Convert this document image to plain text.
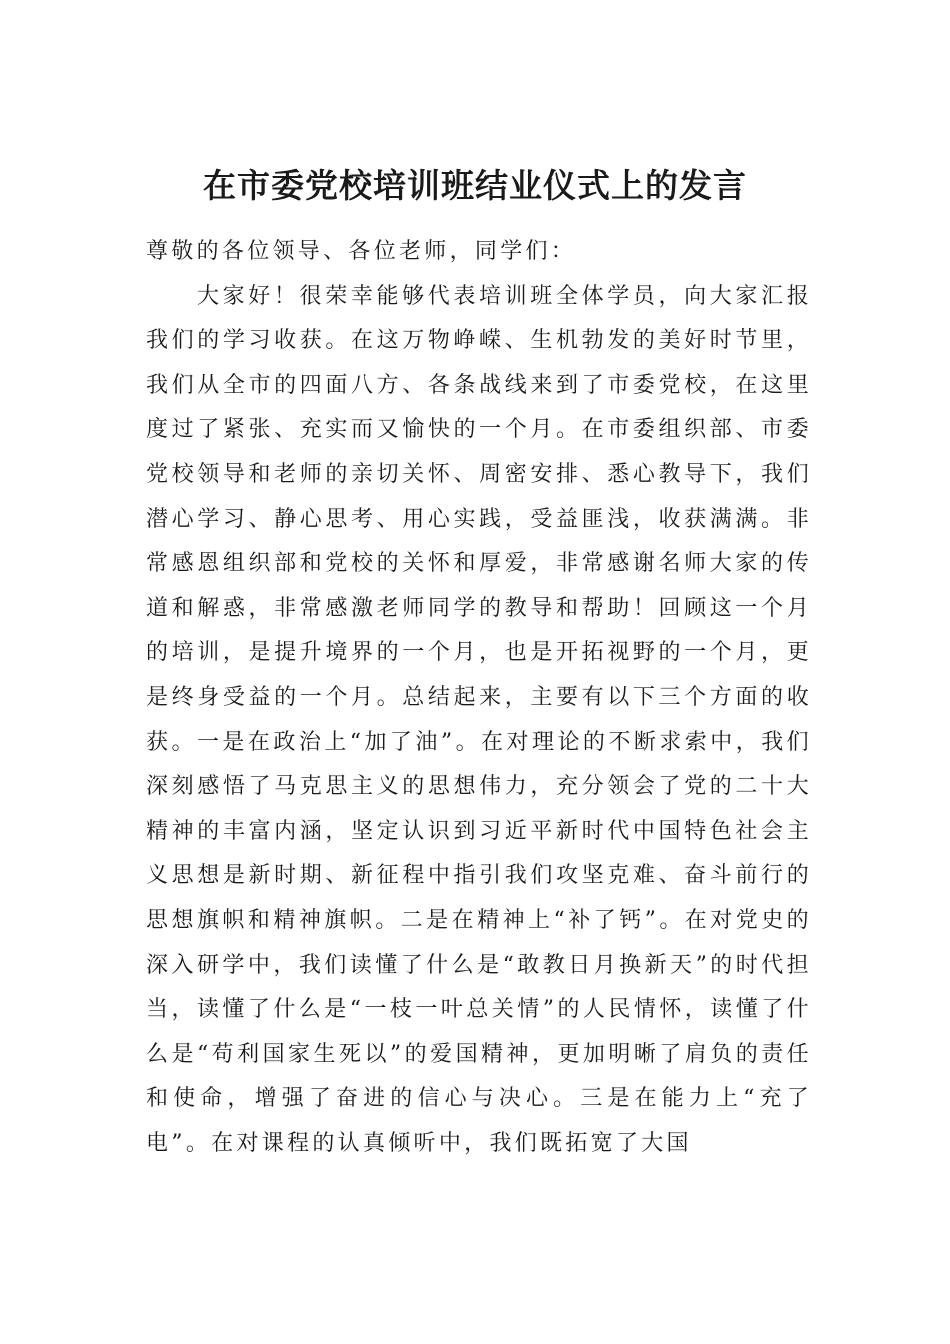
在市委党校培训班结业仪式上的发言

尊敬的各位领导、各位老师，同学们：

大家好！很荣幸能够代表培训班全体学员，向大家汇报我们的学习收获。在这万物峥嵘、生机勃发的美好时节里，我们从全市的四面八方、各条战线来到了市委党校，在这里度过了紧张、充实而又愉快的一个月。在市委组织部、市委党校领导和老师的亲切关怀、周密安排、悉心教导下，我们潜心学习、静心思考、用心实践，受益匪浅，收获满满。非常感恩组织部和党校的关怀和厚爱，非常感谢名师大家的传道和解惑，非常感激老师同学的教导和帮助！回顾这一个月的培训，是提升境界的一个月，也是开拓视野的一个月，更是终身受益的一个月。总结起来，主要有以下三个方面的收获。一是在政治上“加了油”。在对理论的不断求索中，我们深刻感悟了马克思主义的思想伟力，充分领会了党的二十大精神的丰富内涵，坚定认识到习近平新时代中国特色社会主义思想是新时期、新征程中指引我们攻坚克难、奋斗前行的思想旗帜和精神旗帜。二是在精神上“补了钙”。在对党史的深入研学中，我们读懂了什么是“敢教日月换新天”的时代担当，读懂了什么是“一枝一叶总关情”的人民情怀，读懂了什么是“苟利国家生死以”的爱国精神，更加明晰了肩负的责任和使命，增强了奋进的信心与决心。三是在能力上“充了电”。在对课程的认真倾听中，我们既拓宽了大国
